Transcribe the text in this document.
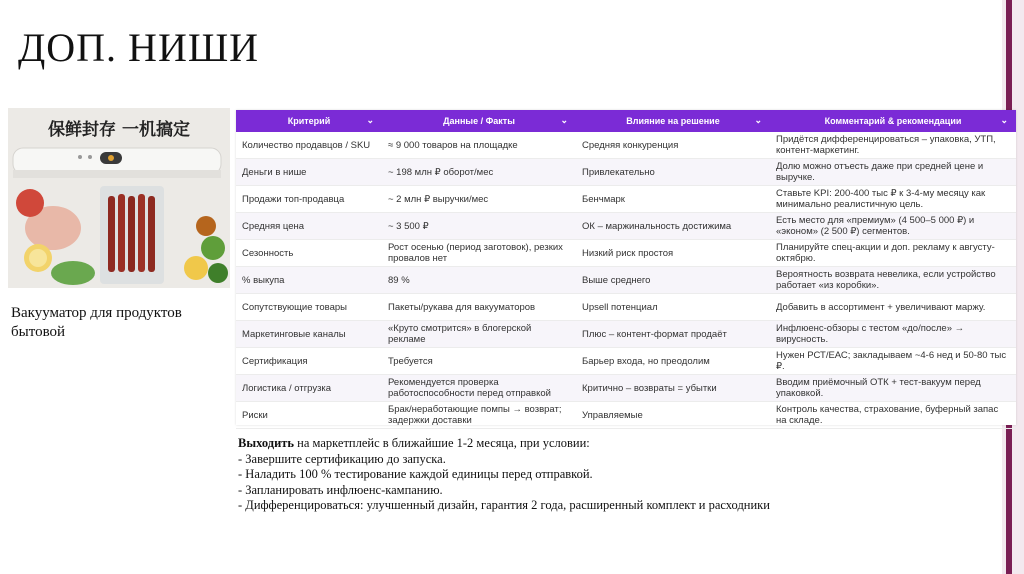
ДОП. НИШИ
保鲜封存 一机搞定
Вакууматор для продуктов бытовой
Критерий ⌄	Данные / Факты ⌄	Влияние на решение ⌄	Комментарий & рекомендации ⌄

Количество продавцов / SKU	≈ 9 000 товаров на площадке	Средняя конкуренция	Придётся дифференцироваться – упаковка, УТП, контент-маркетинг.
Деньги в нише	~ 198 млн ₽ оборот/мес	Привлекательно	Долю можно отъесть даже при средней цене и выручке.
Продажи топ-продавца	~ 2 млн ₽ выручки/мес	Бенчмарк	Ставьте KPI: 200-400 тыс ₽ к 3-4-му месяцу как минимально реалистичную цель.
Средняя цена	~ 3 500 ₽	ОК – маржинальность достижима	Есть место для «премиум» (4 500–5 000 ₽) и «эконом» (2 500 ₽) сегментов.
Сезонность	Рост осенью (период заготовок), резких провалов нет	Низкий риск простоя	Планируйте спец-акции и доп. рекламу к августу-октябрю.
% выкупа	89 %	Выше среднего	Вероятность возврата невелика, если устройство работает «из коробки».
Сопутствующие товары	Пакеты/рукава для вакууматоров	Upsell потенциал	Добавить в ассортимент + увеличивают маржу.
Маркетинговые каналы	«Круто смотрится» в блогерской рекламе	Плюс – контент-формат продаёт	Инфлюенс-обзоры с тестом «до/после» → вирусность.
Сертификация	Требуется	Барьер входа, но преодолим	Нужен РСТ/ЕАС; закладываем ~4-6 нед и 50-80 тыс ₽.
Логистика / отгрузка	Рекомендуется проверка работоспособности перед отправкой	Критично – возвраты = убытки	Вводим приёмочный ОТК + тест-вакуум перед упаковкой.
Риски	Брак/неработающие помпы → возврат; задержки доставки	Управляемые	Контроль качества, страхование, буферный запас на складе.
Выходить на маркетплейс в ближайшие 1-2 месяца, при условии:
- Завершите сертификацию до запуска.
- Наладить 100 % тестирование каждой единицы перед отправкой.
- Запланировать инфлюенс-кампанию.
- Дифференцироваться: улучшенный дизайн, гарантия 2 года, расширенный комплект и расходники
